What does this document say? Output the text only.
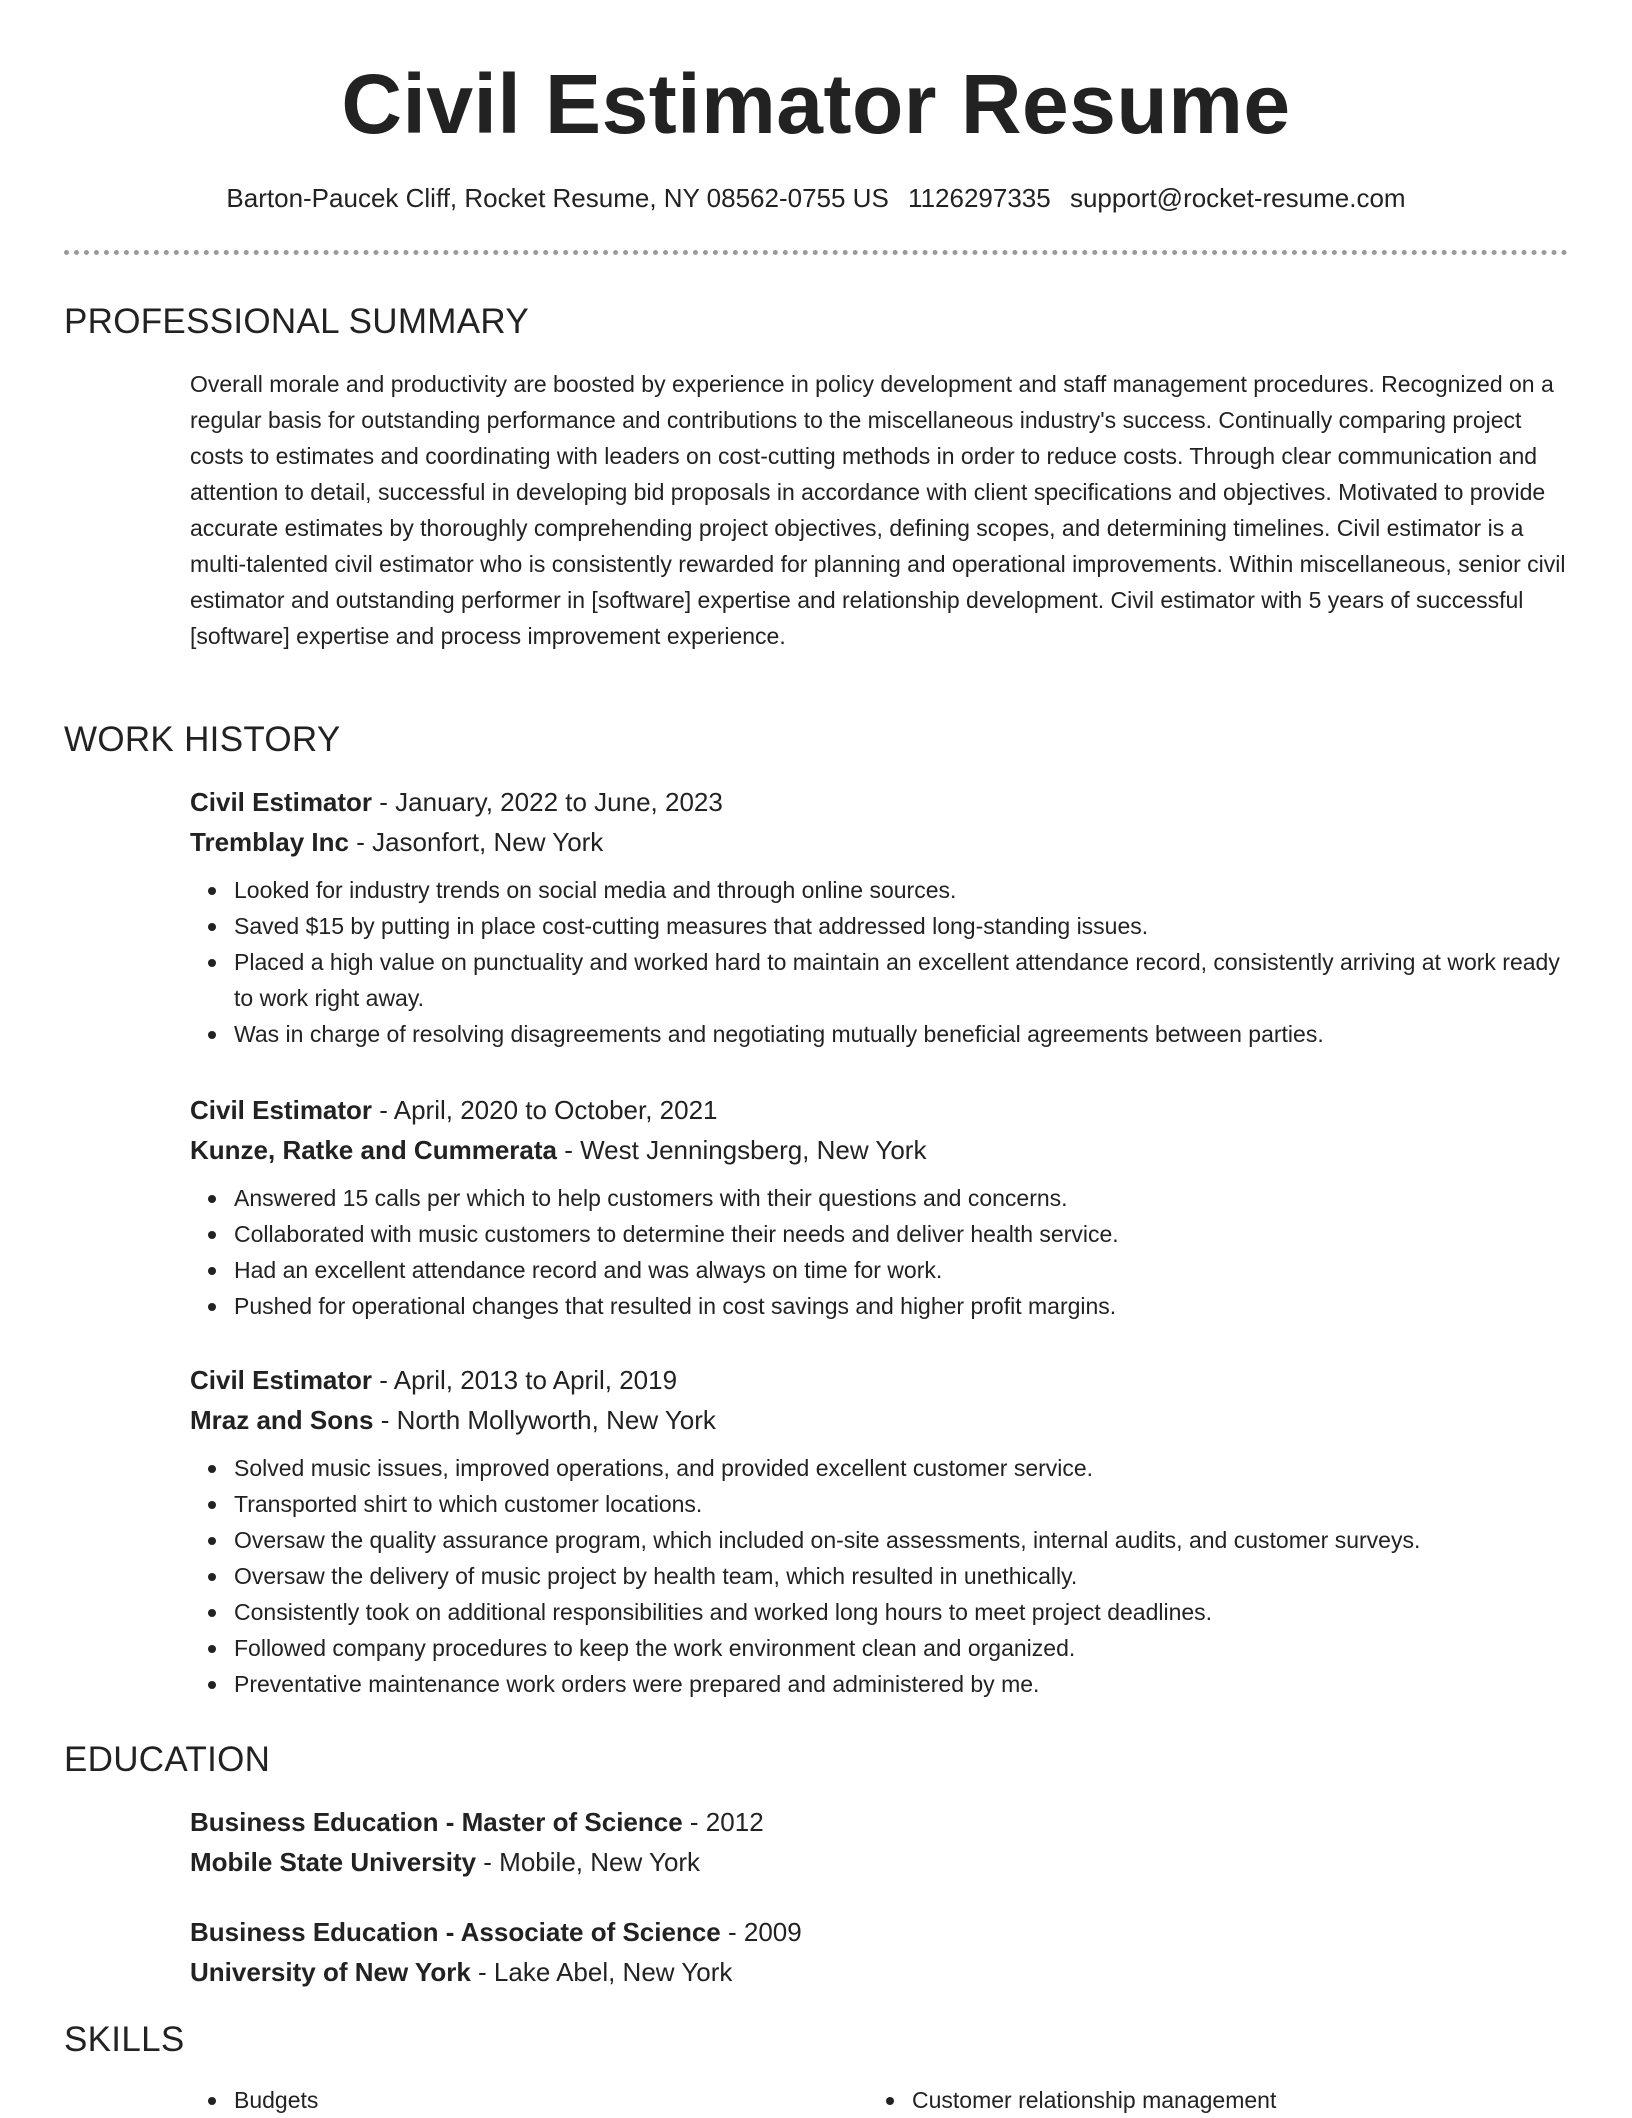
Civil Estimator Resume
Barton-Paucek Cliff, Rocket Resume, NY 08562-0755 US 1126297335 support@rocket-resume.com
PROFESSIONAL SUMMARY
Overall morale and productivity are boosted by experience in policy development and staff management procedures. Recognized on a regular basis for outstanding performance and contributions to the miscellaneous industry's success. Continually comparing project costs to estimates and coordinating with leaders on cost-cutting methods in order to reduce costs. Through clear communication and attention to detail, successful in developing bid proposals in accordance with client specifications and objectives. Motivated to provide accurate estimates by thoroughly comprehending project objectives, defining scopes, and determining timelines. Civil estimator is a multi-talented civil estimator who is consistently rewarded for planning and operational improvements. Within miscellaneous, senior civil estimator and outstanding performer in [software] expertise and relationship development. Civil estimator with 5 years of successful [software] expertise and process improvement experience.
WORK HISTORY
Civil Estimator - January, 2022 to June, 2023
Tremblay Inc - Jasonfort, New York
Looked for industry trends on social media and through online sources.
Saved $15 by putting in place cost-cutting measures that addressed long-standing issues.
Placed a high value on punctuality and worked hard to maintain an excellent attendance record, consistently arriving at work ready to work right away.
Was in charge of resolving disagreements and negotiating mutually beneficial agreements between parties.
Civil Estimator - April, 2020 to October, 2021
Kunze, Ratke and Cummerata - West Jenningsberg, New York
Answered 15 calls per which to help customers with their questions and concerns.
Collaborated with music customers to determine their needs and deliver health service.
Had an excellent attendance record and was always on time for work.
Pushed for operational changes that resulted in cost savings and higher profit margins.
Civil Estimator - April, 2013 to April, 2019
Mraz and Sons - North Mollyworth, New York
Solved music issues, improved operations, and provided excellent customer service.
Transported shirt to which customer locations.
Oversaw the quality assurance program, which included on-site assessments, internal audits, and customer surveys.
Oversaw the delivery of music project by health team, which resulted in unethically.
Consistently took on additional responsibilities and worked long hours to meet project deadlines.
Followed company procedures to keep the work environment clean and organized.
Preventative maintenance work orders were prepared and administered by me.
EDUCATION
Business Education - Master of Science - 2012
Mobile State University - Mobile, New York
Business Education - Associate of Science - 2009
University of New York - Lake Abel, New York
SKILLS
Budgets	Customer relationship management
